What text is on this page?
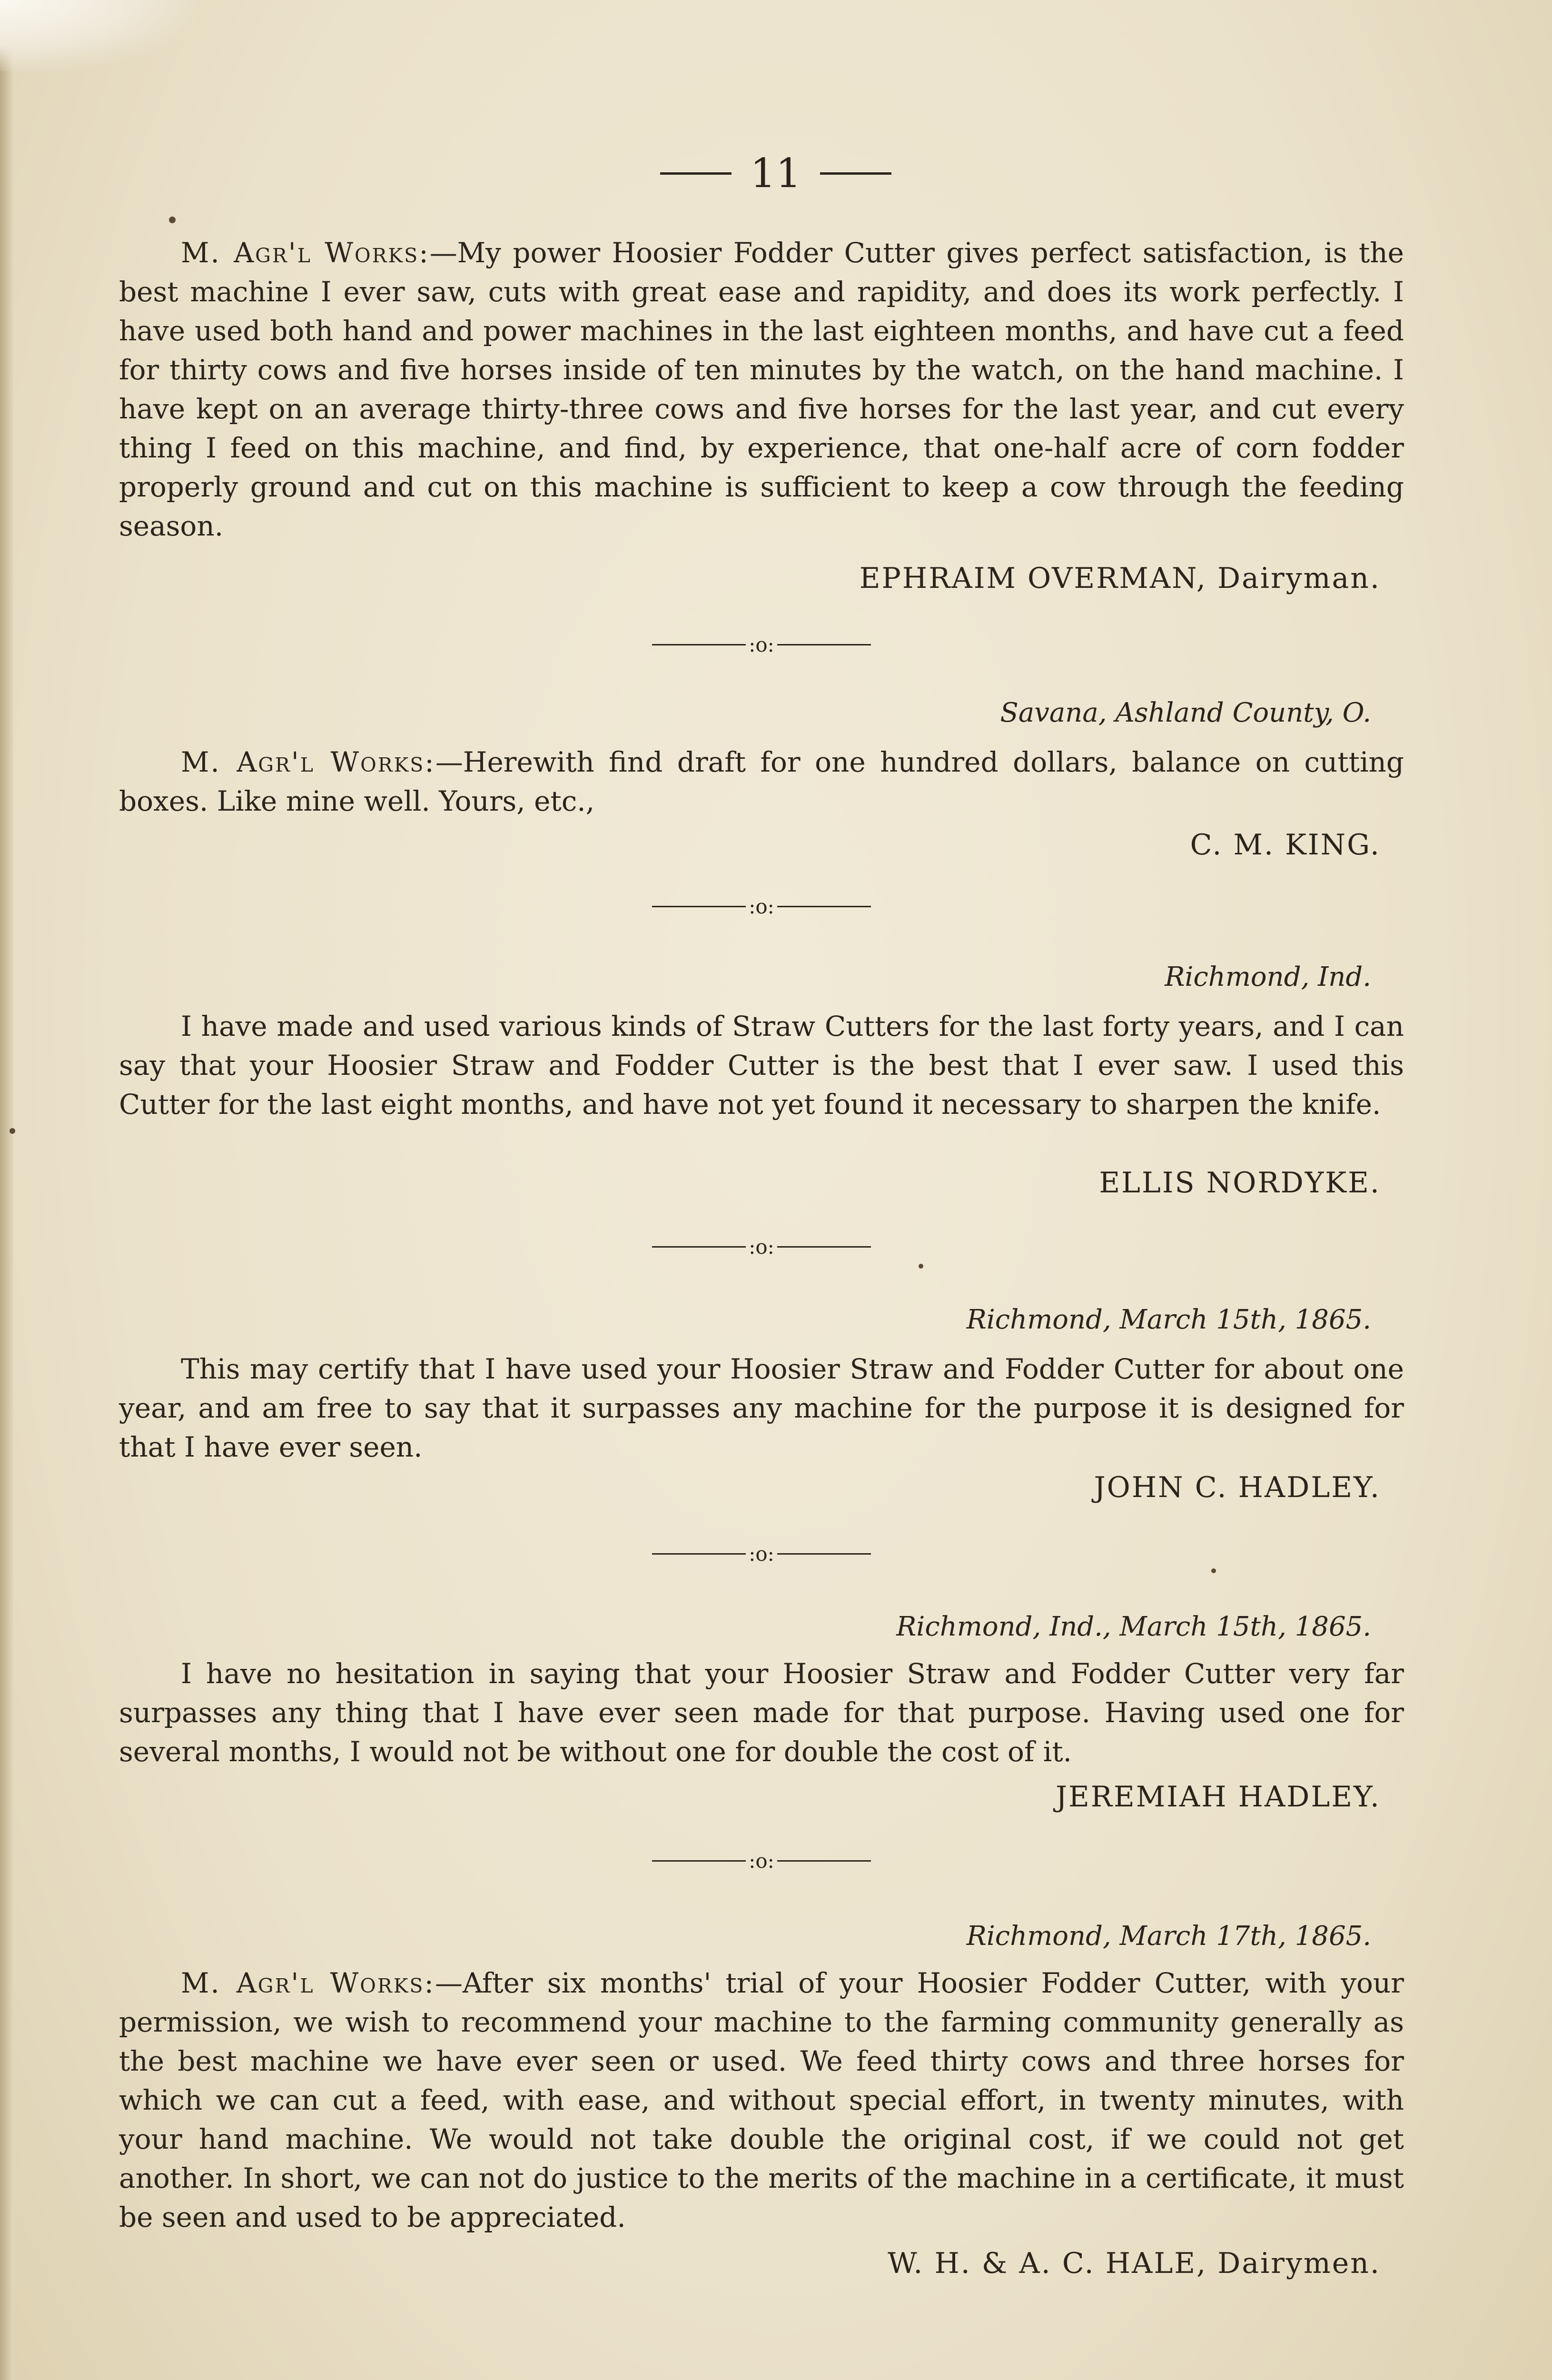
11
M. Agr'l Works:—My power Hoosier Fodder Cutter gives perfect satisfaction, is the best machine I ever saw, cuts with great ease and rapidity, and does its work perfectly. I have used both hand and power machines in the last eighteen months, and have cut a feed for thirty cows and five horses inside of ten minutes by the watch, on the hand machine. I have kept on an average thirty-three cows and five horses for the last year, and cut every thing I feed on this machine, and find, by experience, that one-half acre of corn fodder properly ground and cut on this machine is sufficient to keep a cow through the feeding season.
EPHRAIM OVERMAN, Dairyman.
:o:
Savana, Ashland County, O.
M. Agr'l Works:—Herewith find draft for one hundred dollars, balance on cutting boxes. Like mine well. Yours, etc.,
C. M. KING.
:o:
Richmond, Ind.
I have made and used various kinds of Straw Cutters for the last forty years, and I can say that your Hoosier Straw and Fodder Cutter is the best that I ever saw. I used this Cutter for the last eight months, and have not yet found it necessary to sharpen the knife.
ELLIS NORDYKE.
:o:
Richmond, March 15th, 1865.
This may certify that I have used your Hoosier Straw and Fodder Cutter for about one year, and am free to say that it surpasses any machine for the purpose it is designed for that I have ever seen.
JOHN C. HADLEY.
:o:
Richmond, Ind., March 15th, 1865.
I have no hesitation in saying that your Hoosier Straw and Fodder Cutter very far surpasses any thing that I have ever seen made for that purpose. Having used one for several months, I would not be without one for double the cost of it.
JEREMIAH HADLEY.
:o:
Richmond, March 17th, 1865.
M. Agr'l Works:—After six months' trial of your Hoosier Fodder Cutter, with your permission, we wish to recommend your machine to the farming community generally as the best machine we have ever seen or used. We feed thirty cows and three horses for which we can cut a feed, with ease, and without special effort, in twenty minutes, with your hand machine. We would not take double the original cost, if we could not get another. In short, we can not do justice to the merits of the machine in a certificate, it must be seen and used to be appreciated.
W. H. & A. C. HALE, Dairymen.
